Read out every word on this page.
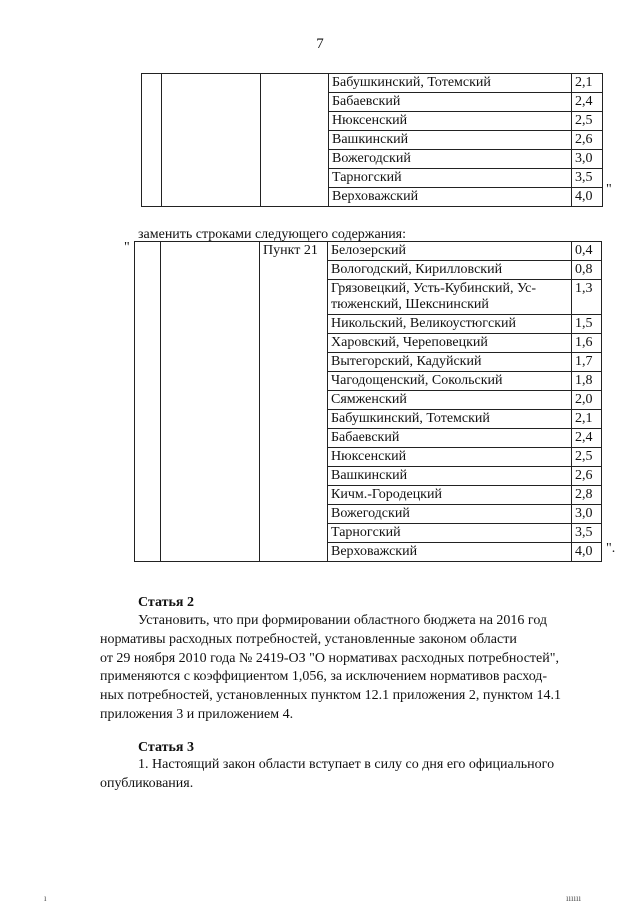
7
			Бабушкинский, Тотемский	2,1
			Бабаевский	2,4
			Нюксенский	2,5
			Вашкинский	2,6
			Вожегодский	3,0
			Тарногский	3,5
			Верховажский	4,0 "
заменить строками следующего содержания:
"
			Пункт 21	Белозерский	0,4
			Вологодский, Кирилловский	0,8
			Грязовецкий, Усть-Кубинский, Ус-тюженский, Шекснинский	1,3
			Никольский, Великоустюгский	1,5
			Харовский, Череповецкий	1,6
			Вытегорский, Кадуйский	1,7
			Чагодощенский, Сокольский	1,8
			Сямженский	2,0
			Бабушкинский, Тотемский	2,1
			Бабаевский	2,4
			Нюксенский	2,5
			Вашкинский	2,6
			Кичм.-Городецкий	2,8
			Вожегодский	3,0
			Тарногский	3,5
			Верховажский	4,0 ".
Статья 2
Установить, что при формировании областного бюджета на 2016 год
нормативы расходных потребностей, установленные законом области
от 29 ноября 2010 года № 2419-ОЗ "О нормативах расходных потребностей",
применяются с коэффициентом 1,056, за исключением нормативов расход-
ных потребностей, установленных пунктом 12.1 приложения 2, пунктом 14.1
приложения 3 и приложением 4.
Статья 3
1. Настоящий закон области вступает в силу со дня его официального
опубликования.
ı	ıııııı
